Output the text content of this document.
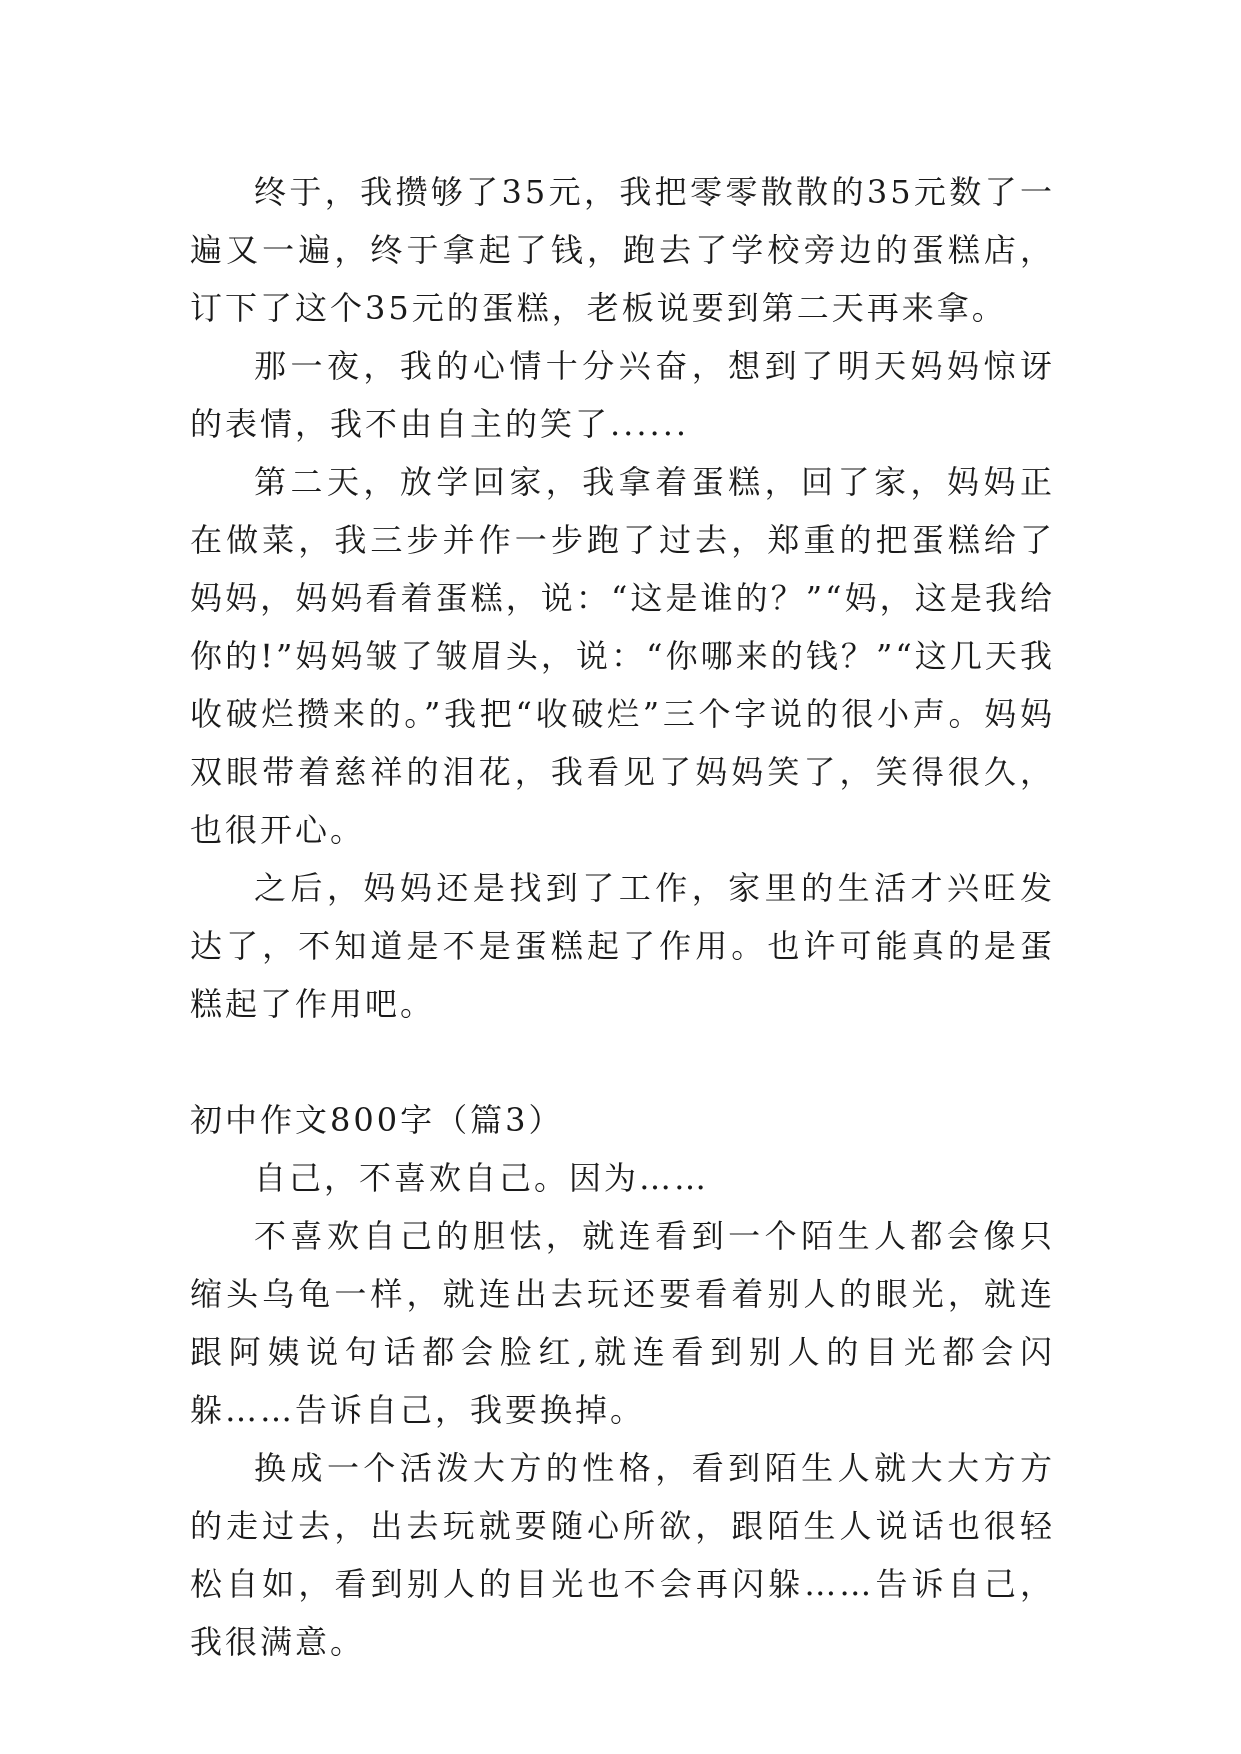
终于，我攒够了35元，我把零零散散的35元数了一遍又一遍，终于拿起了钱，跑去了学校旁边的蛋糕店，订下了这个35元的蛋糕，老板说要到第二天再来拿。

那一夜，我的心情十分兴奋，想到了明天妈妈惊讶的表情，我不由自主的笑了......

第二天，放学回家，我拿着蛋糕，回了家，妈妈正在做菜，我三步并作一步跑了过去，郑重的把蛋糕给了妈妈，妈妈看着蛋糕，说：“这是谁的？”“妈，这是我给你的!”妈妈皱了皱眉头，说：“你哪来的钱？”“这几天我收破烂攒来的。”我把“收破烂”三个字说的很小声。妈妈双眼带着慈祥的泪花，我看见了妈妈笑了，笑得很久，也很开心。

之后，妈妈还是找到了工作，家里的生活才兴旺发达了，不知道是不是蛋糕起了作用。也许可能真的是蛋糕起了作用吧。

初中作文800字（篇3）

自己，不喜欢自己。因为……

不喜欢自己的胆怯，就连看到一个陌生人都会像只缩头乌龟一样，就连出去玩还要看着别人的眼光，就连跟阿姨说句话都会脸红,就连看到别人的目光都会闪躲……告诉自己，我要换掉。

换成一个活泼大方的性格，看到陌生人就大大方方的走过去，出去玩就要随心所欲，跟陌生人说话也很轻松自如，看到别人的目光也不会再闪躲……告诉自己，我很满意。
